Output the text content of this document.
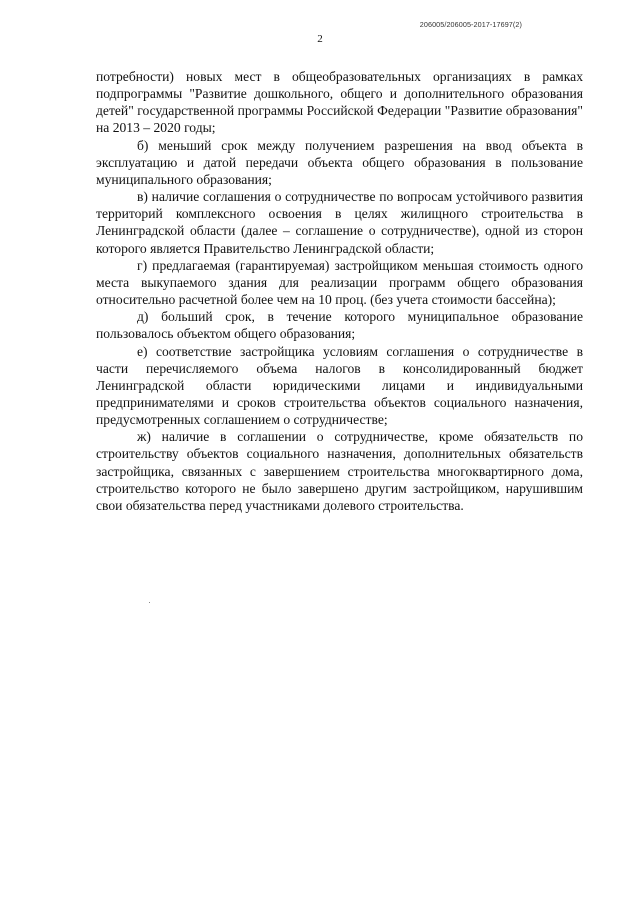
206005/206005-2017-17697(2)
2

потребности) новых мест в общеобразовательных организациях в рамках подпрограммы "Развитие дошкольного, общего и дополнительного образования детей" государственной программы Российской Федерации "Развитие образования" на 2013 – 2020 годы;

б) меньший срок между получением разрешения на ввод объекта в эксплуатацию и датой передачи объекта общего образования в пользование муниципального образования;

в) наличие соглашения о сотрудничестве по вопросам устойчивого развития территорий комплексного освоения в целях жилищного строительства в Ленинградской области (далее – соглашение о сотрудничестве), одной из сторон которого является Правительство Ленинградской области;

г) предлагаемая (гарантируемая) застройщиком меньшая стоимость одного места выкупаемого здания для реализации программ общего образования относительно расчетной более чем на 10 проц. (без учета стоимости бассейна);

д) больший срок, в течение которого муниципальное образование пользовалось объектом общего образования;

е) соответствие застройщика условиям соглашения о сотрудничестве в части перечисляемого объема налогов в консолидированный бюджет Ленинградской области юридическими лицами и индивидуальными предпринимателями и сроков строительства объектов социального назначения, предусмотренных соглашением о сотрудничестве;

ж) наличие в соглашении о сотрудничестве, кроме обязательств по строительству объектов социального назначения, дополнительных обязательств застройщика, связанных с завершением строительства многоквартирного дома, строительство которого не было завершено другим застройщиком, нарушившим свои обязательства перед участниками долевого строительства.
